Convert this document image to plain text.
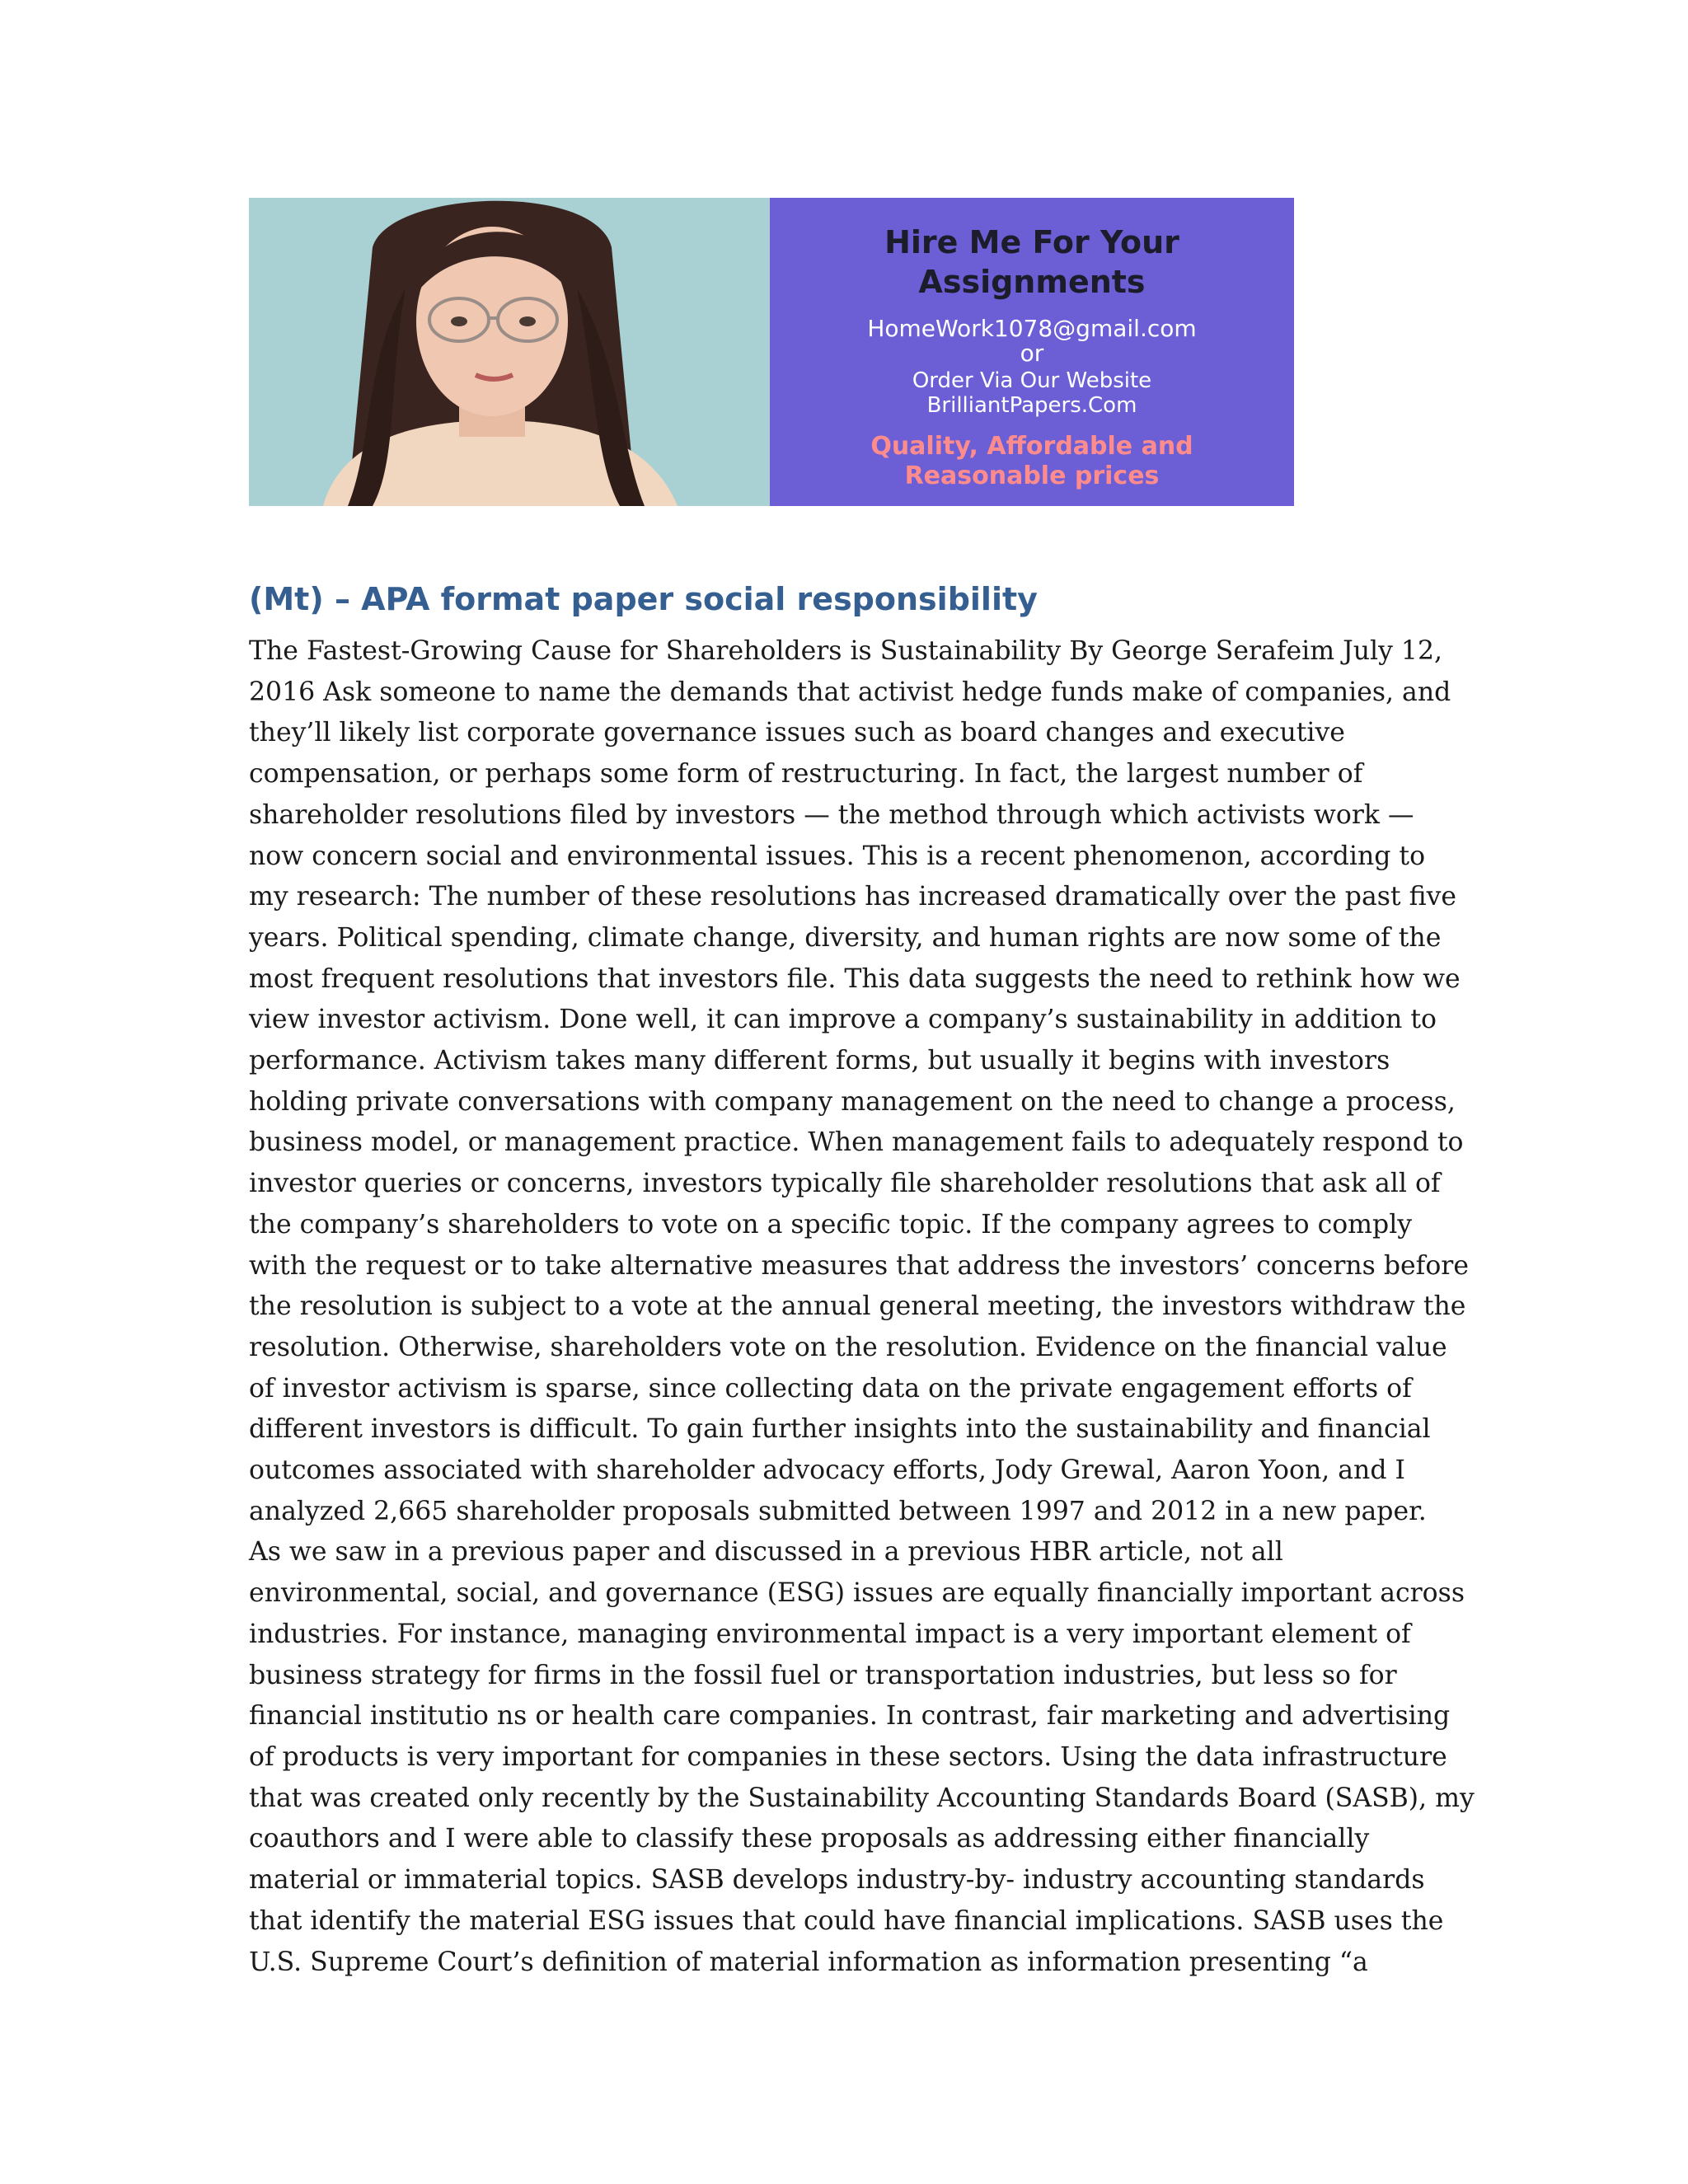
Hire Me For Your
Assignments
HomeWork1078@gmail.com
or
Order Via Our Website
BrilliantPapers.Com
Quality, Affordable and
Reasonable prices
(Mt) – APA format paper social responsibility
The Fastest-Growing Cause for Shareholders is Sustainability By George Serafeim July 12,
2016 Ask someone to name the demands that activist hedge funds make of companies, and
they’ll likely list corporate governance issues such as board changes and executive
compensation, or perhaps some form of restructuring. In fact, the largest number of
shareholder resolutions filed by investors — the method through which activists work —
now concern social and environmental issues. This is a recent phenomenon, according to
my research: The number of these resolutions has increased dramatically over the past five
years. Political spending, climate change, diversity, and human rights are now some of the
most frequent resolutions that investors file. This data suggests the need to rethink how we
view investor activism. Done well, it can improve a company’s sustainability in addition to
performance. Activism takes many different forms, but usually it begins with investors
holding private conversations with company management on the need to change a process,
business model, or management practice. When management fails to adequately respond to
investor queries or concerns, investors typically file shareholder resolutions that ask all of
the company’s shareholders to vote on a specific topic. If the company agrees to comply
with the request or to take alternative measures that address the investors’ concerns before
the resolution is subject to a vote at the annual general meeting, the investors withdraw the
resolution. Otherwise, shareholders vote on the resolution. Evidence on the financial value
of investor activism is sparse, since collecting data on the private engagement efforts of
different investors is difficult. To gain further insights into the sustainability and financial
outcomes associated with shareholder advocacy efforts, Jody Grewal, Aaron Yoon, and I
analyzed 2,665 shareholder proposals submitted between 1997 and 2012 in a new paper.
As we saw in a previous paper and discussed in a previous HBR article, not all
environmental, social, and governance (ESG) issues are equally financially important across
industries. For instance, managing environmental impact is a very important element of
business strategy for firms in the fossil fuel or transportation industries, but less so for
financial institutio ns or health care companies. In contrast, fair marketing and advertising
of products is very important for companies in these sectors. Using the data infrastructure
that was created only recently by the Sustainability Accounting Standards Board (SASB), my
coauthors and I were able to classify these proposals as addressing either financially
material or immaterial topics. SASB develops industry-by- industry accounting standards
that identify the material ESG issues that could have financial implications. SASB uses the
U.S. Supreme Court’s definition of material information as information presenting “a
